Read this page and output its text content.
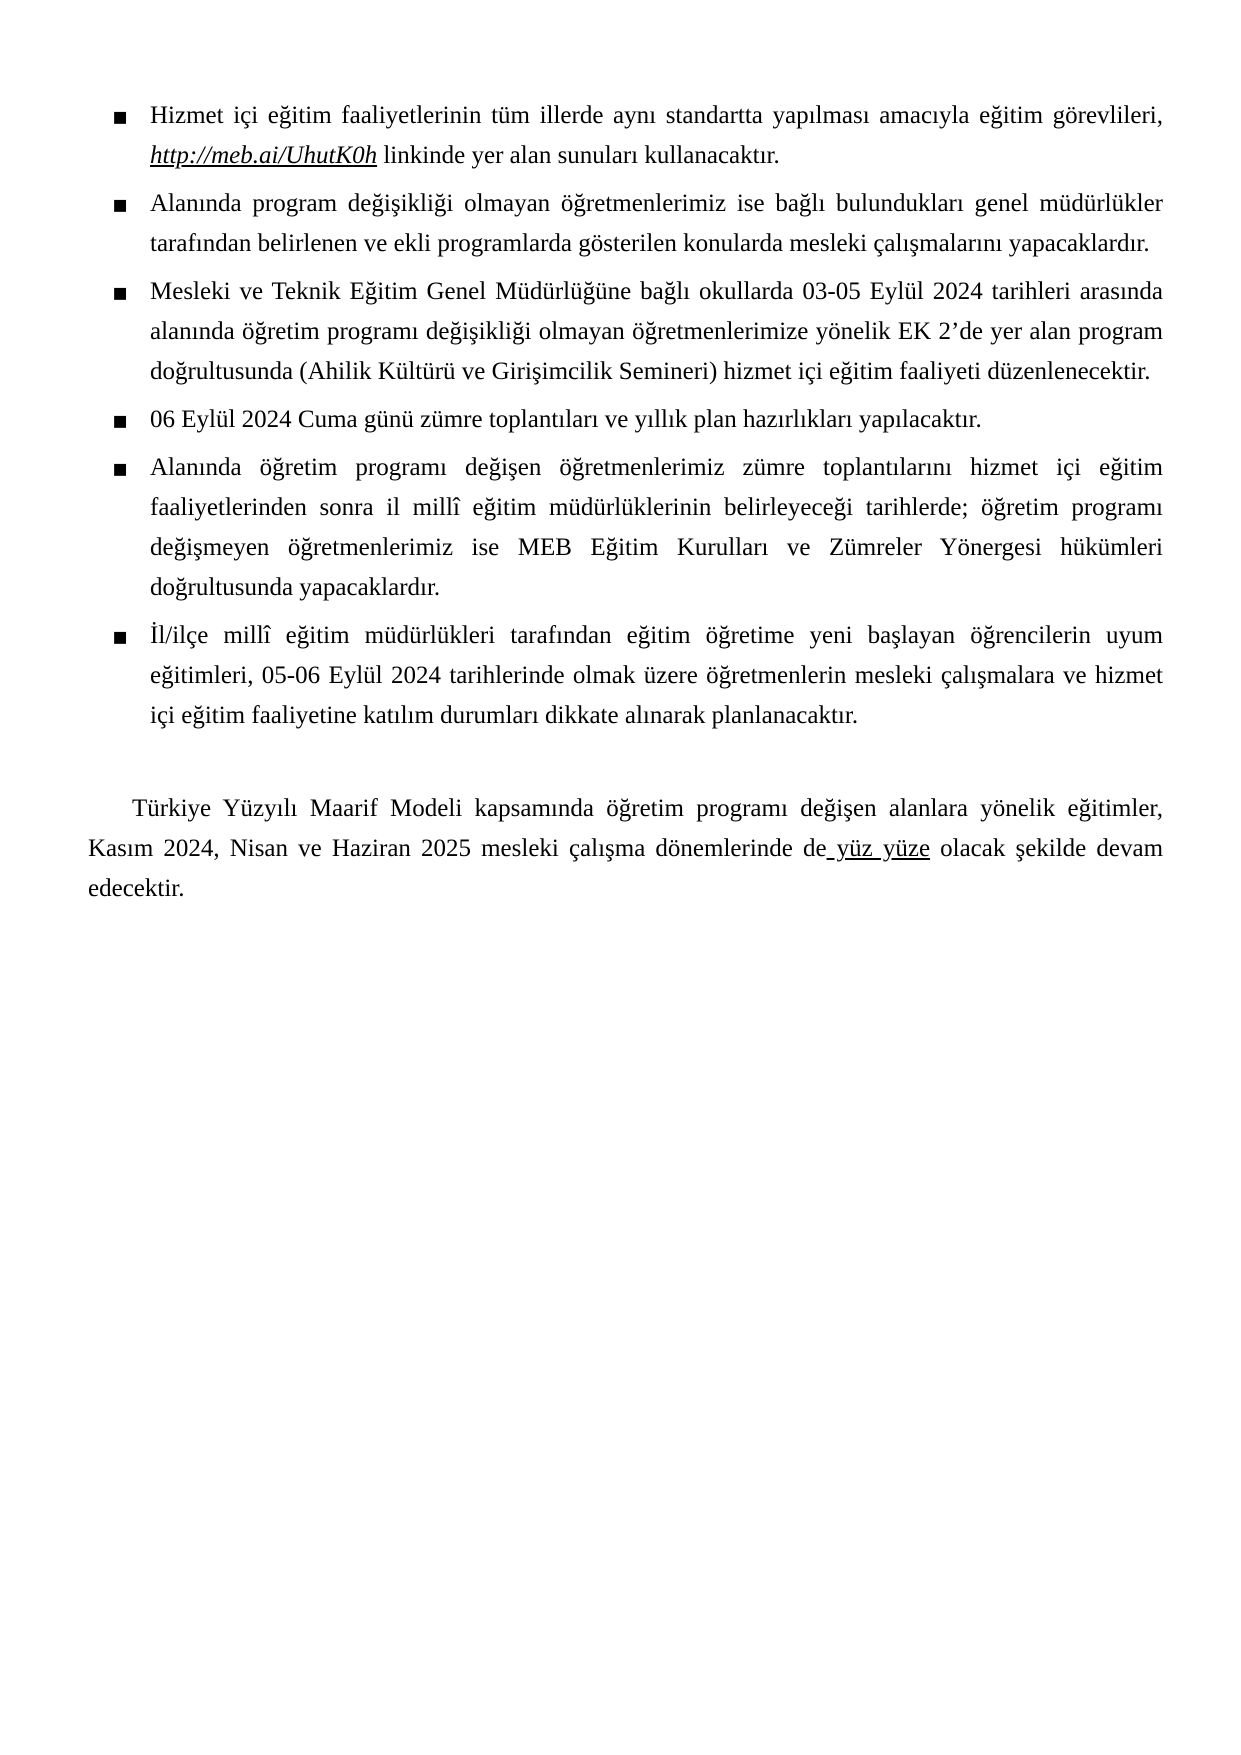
▪ Hizmet içi eğitim faaliyetlerinin tüm illerde aynı standartta yapılması amacıyla eğitim görevlileri, http://meb.ai/UhutK0h linkinde yer alan sunuları kullanacaktır.
▪ Alanında program değişikliği olmayan öğretmenlerimiz ise bağlı bulundukları genel müdürlükler tarafından belirlenen ve ekli programlarda gösterilen konularda mesleki çalışmalarını yapacaklardır.
▪ Mesleki ve Teknik Eğitim Genel Müdürlüğüne bağlı okullarda 03-05 Eylül 2024 tarihleri arasında alanında öğretim programı değişikliği olmayan öğretmenlerimize yönelik EK 2’de yer alan program doğrultusunda (Ahilik Kültürü ve Girişimcilik Semineri) hizmet içi eğitim faaliyeti düzenlenecektir.
▪ 06 Eylül 2024 Cuma günü zümre toplantıları ve yıllık plan hazırlıkları yapılacaktır.
▪ Alanında öğretim programı değişen öğretmenlerimiz zümre toplantılarını hizmet içi eğitim faaliyetlerinden sonra il millî eğitim müdürlüklerinin belirleyeceği tarihlerde; öğretim programı değişmeyen öğretmenlerimiz ise MEB Eğitim Kurulları ve Zümreler Yönergesi hükümleri doğrultusunda yapacaklardır.
▪ İl/ilçe millî eğitim müdürlükleri tarafından eğitim öğretime yeni başlayan öğrencilerin uyum eğitimleri, 05-06 Eylül 2024 tarihlerinde olmak üzere öğretmenlerin mesleki çalışmalara ve hizmet içi eğitim faaliyetine katılım durumları dikkate alınarak planlanacaktır.

Türkiye Yüzyılı Maarif Modeli kapsamında öğretim programı değişen alanlara yönelik eğitimler, Kasım 2024, Nisan ve Haziran 2025 mesleki çalışma dönemlerinde de yüz yüze olacak şekilde devam edecektir.
